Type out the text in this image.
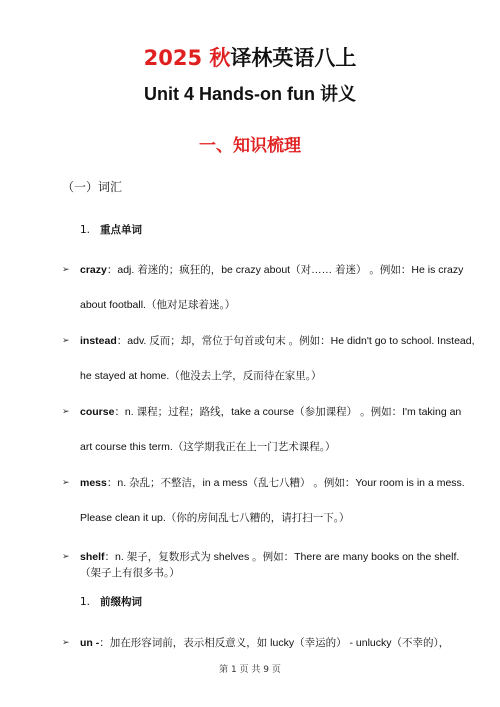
2025 秋译林英语八上
Unit 4 Hands-on fun 讲义
一、知识梳理
（一）词汇
1. 重点单词
➢ crazy：adj. 着迷的；疯狂的，be crazy about（对…… 着迷） 。例如：He is crazy
about football.（他对足球着迷。）
➢ instead：adv. 反而；却，常位于句首或句末 。例如：He didn't go to school. Instead,
he stayed at home.（他没去上学，反而待在家里。）
➢ course：n. 课程；过程；路线，take a course（参加课程） 。例如：I'm taking an
art course this term.（这学期我正在上一门艺术课程。）
➢ mess：n. 杂乱；不整洁，in a mess（乱七八糟） 。例如：Your room is in a mess.
Please clean it up.（你的房间乱七八糟的，请打扫一下。）
➢ shelf：n. 架子，复数形式为 shelves 。例如：There are many books on the shelf.
（架子上有很多书。）
1. 前缀构词
➢ un -：加在形容词前，表示相反意义，如 lucky（幸运的） - unlucky（不幸的），
第 1 页 共 9 页
